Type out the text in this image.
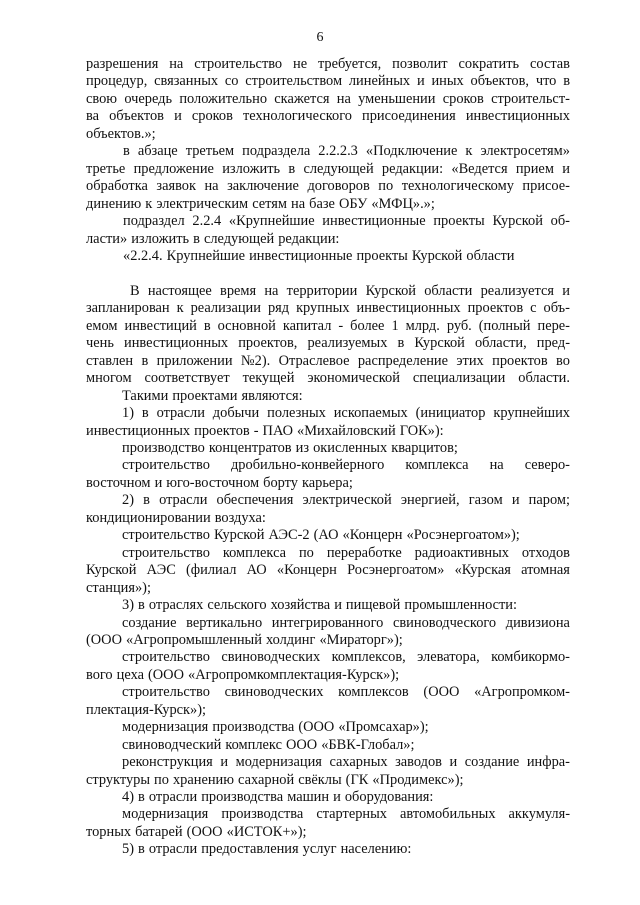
6
разрешения на строительство не требуется, позволит сократить состав
процедур, связанных со строительством линейных и иных объектов, что в
свою очередь положительно скажется на уменьшении сроков строительст-
ва объектов и сроков технологического присоединения инвестиционных
объектов.»;
в абзаце третьем подраздела 2.2.2.3 «Подключение к электросетям»
третье предложение изложить в следующей редакции: «Ведется прием и
обработка заявок на заключение договоров по технологическому присое-
динению к электрическим сетям на базе ОБУ «МФЦ».»;
подраздел 2.2.4 «Крупнейшие инвестиционные проекты Курской об-
ласти» изложить в следующей редакции:
«2.2.4. Крупнейшие инвестиционные проекты Курской области

В настоящее время на территории Курской области реализуется и
запланирован к реализации ряд крупных инвестиционных проектов с объ-
емом инвестиций в основной капитал - более 1 млрд. руб. (полный пере-
чень инвестиционных проектов, реализуемых в Курской области, пред-
ставлен в приложении №2). Отраслевое распределение этих проектов во
многом соответствует текущей экономической специализации области.
Такими проектами являются:
1) в отрасли добычи полезных ископаемых (инициатор крупнейших
инвестиционных проектов - ПАО «Михайловский ГОК»):
производство концентратов из окисленных кварцитов;
строительство дробильно-конвейерного комплекса на северо-
восточном и юго-восточном борту карьера;
2) в отрасли обеспечения электрической энергией, газом и паром;
кондиционировании воздуха:
строительство Курской АЭС-2 (АО «Концерн «Росэнергоатом»);
строительство комплекса по переработке радиоактивных отходов
Курской АЭС (филиал АО «Концерн Росэнергоатом» «Курская атомная
станция»);
3) в отраслях сельского хозяйства и пищевой промышленности:
создание вертикально интегрированного свиноводческого дивизиона
(ООО «Агропромышленный холдинг «Мираторг»);
строительство свиноводческих комплексов, элеватора, комбикормо-
вого цеха (ООО «Агропромкомплектация-Курск»);
строительство свиноводческих комплексов (ООО «Агропромком-
плектация-Курск»);
модернизация производства (ООО «Промсахар»);
свиноводческий комплекс ООО «БВК-Глобал»;
реконструкция и модернизация сахарных заводов и создание инфра-
структуры по хранению сахарной свёклы (ГК «Продимекс»);
4) в отрасли производства машин и оборудования:
модернизация производства стартерных автомобильных аккумуля-
торных батарей (ООО «ИСТОК+»);
5) в отрасли предоставления услуг населению:
